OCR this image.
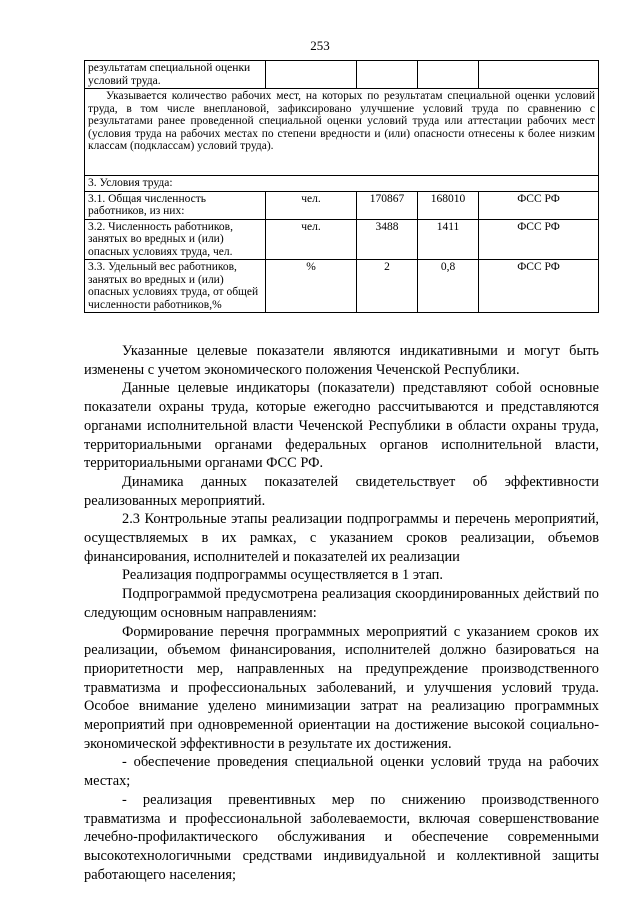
253
результатам специальной оценки условий труда.				

Указывается количество рабочих мест, на которых по результатам специальной оценки условий труда, в том числе внеплановой, зафиксировано улучшение условий труда по сравнению с результатами ранее проведенной специальной оценки условий труда или аттестации рабочих мест (условия труда на рабочих местах по степени вредности и (или) опасности отнесены к более низким классам (подклассам) условий труда).				

3. Условия труда:				
3.1. Общая численность работников, из них:	чел.	170867	168010	ФСС РФ
3.2. Численность работников, занятых во вредных и (или) опасных условиях труда, чел.	чел.	3488	1411	ФСС РФ
3.3. Удельный вес работников, занятых во вредных и (или) опасных условиях труда, от общей численности работников,%	%	2	0,8	ФСС РФ

Указанные целевые показатели являются индикативными и могут быть изменены с учетом экономического положения Чеченской Республики.

Данные целевые индикаторы (показатели) представляют собой основные показатели охраны труда, которые ежегодно рассчитываются и представляются органами исполнительной власти Чеченской Республики в области охраны труда, территориальными органами федеральных органов исполнительной власти, территориальными органами ФСС РФ.

Динамика данных показателей свидетельствует об эффективности реализованных мероприятий.

2.3 Контрольные этапы реализации подпрограммы и перечень мероприятий, осуществляемых в их рамках, с указанием сроков реализации, объемов финансирования, исполнителей и показателей их реализации

Реализация подпрограммы осуществляется в 1 этап.

Подпрограммой предусмотрена реализация скоординированных действий по следующим основным направлениям:

Формирование перечня программных мероприятий с указанием сроков их реализации, объемом финансирования, исполнителей должно базироваться на приоритетности мер, направленных на предупреждение производственного травматизма и профессиональных заболеваний, и улучшения условий труда. Особое внимание уделено минимизации затрат на реализацию программных мероприятий при одновременной ориентации на достижение высокой социально-экономической эффективности в результате их достижения.

- обеспечение проведения специальной оценки условий труда на рабочих местах;

- реализация превентивных мер по снижению производственного травматизма и профессиональной заболеваемости, включая совершенствование лечебно-профилактического обслуживания и обеспечение современными высокотехнологичными средствами индивидуальной и коллективной защиты работающего населения;
